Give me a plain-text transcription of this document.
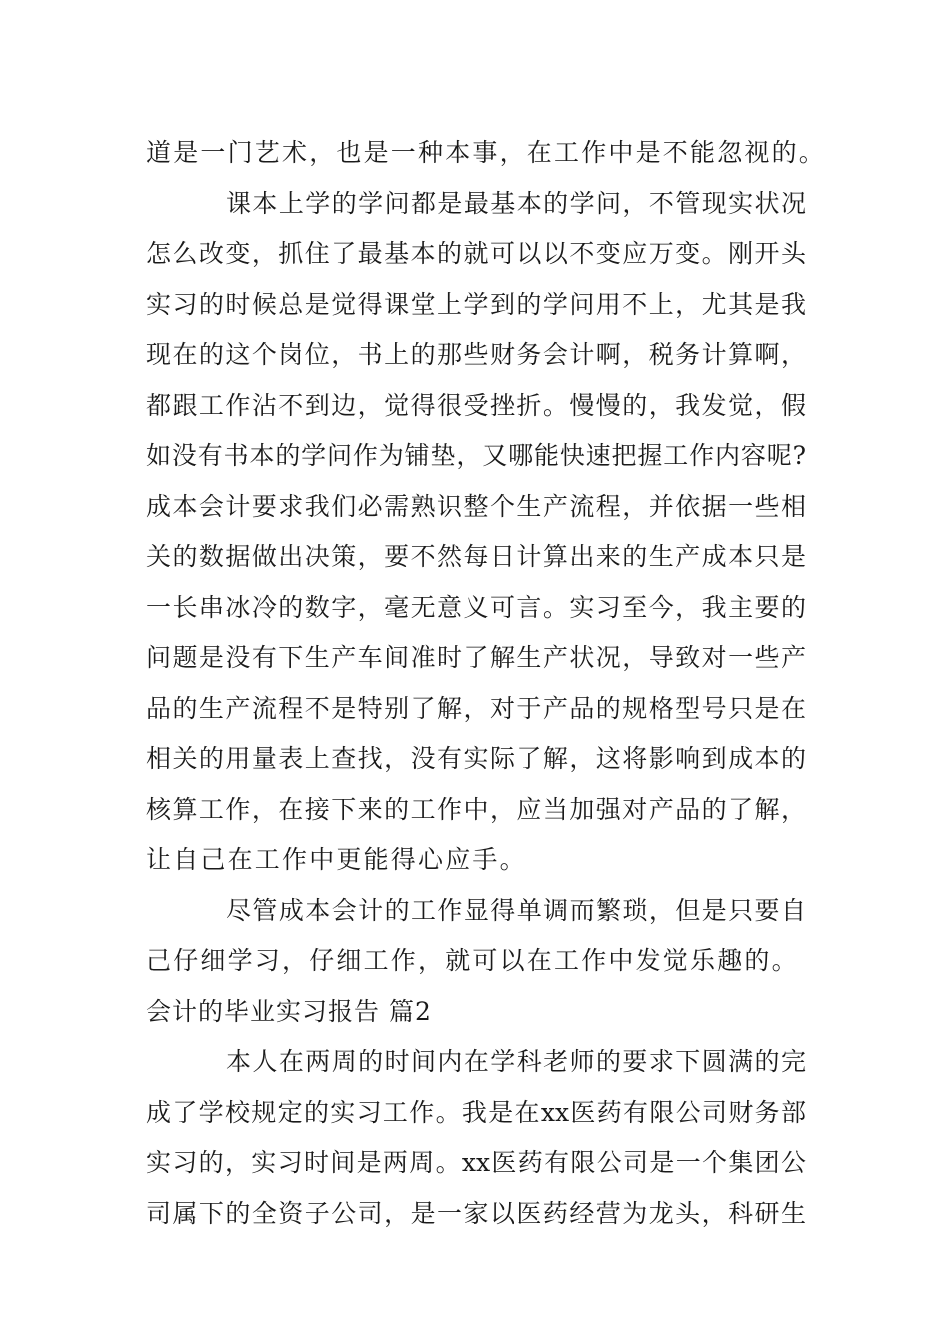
道是一门艺术，也是一种本事，在工作中是不能忽视的。
课本上学的学问都是最基本的学问，不管现实状况
怎么改变，抓住了最基本的就可以以不变应万变。刚开头
实习的时候总是觉得课堂上学到的学问用不上，尤其是我
现在的这个岗位，书上的那些财务会计啊，税务计算啊，
都跟工作沾不到边，觉得很受挫折。慢慢的，我发觉，假
如没有书本的学问作为铺垫，又哪能快速把握工作内容呢?
成本会计要求我们必需熟识整个生产流程，并依据一些相
关的数据做出决策，要不然每日计算出来的生产成本只是
一长串冰冷的数字，毫无意义可言。实习至今，我主要的
问题是没有下生产车间准时了解生产状况，导致对一些产
品的生产流程不是特别了解，对于产品的规格型号只是在
相关的用量表上查找，没有实际了解，这将影响到成本的
核算工作，在接下来的工作中，应当加强对产品的了解，
让自己在工作中更能得心应手。
尽管成本会计的工作显得单调而繁琐，但是只要自
己仔细学习，仔细工作，就可以在工作中发觉乐趣的。
会计的毕业实习报告 篇2
本人在两周的时间内在学科老师的要求下圆满的完
成了学校规定的实习工作。我是在xx医药有限公司财务部
实习的，实习时间是两周。xx医药有限公司是一个集团公
司属下的全资子公司，是一家以医药经营为龙头，科研生
